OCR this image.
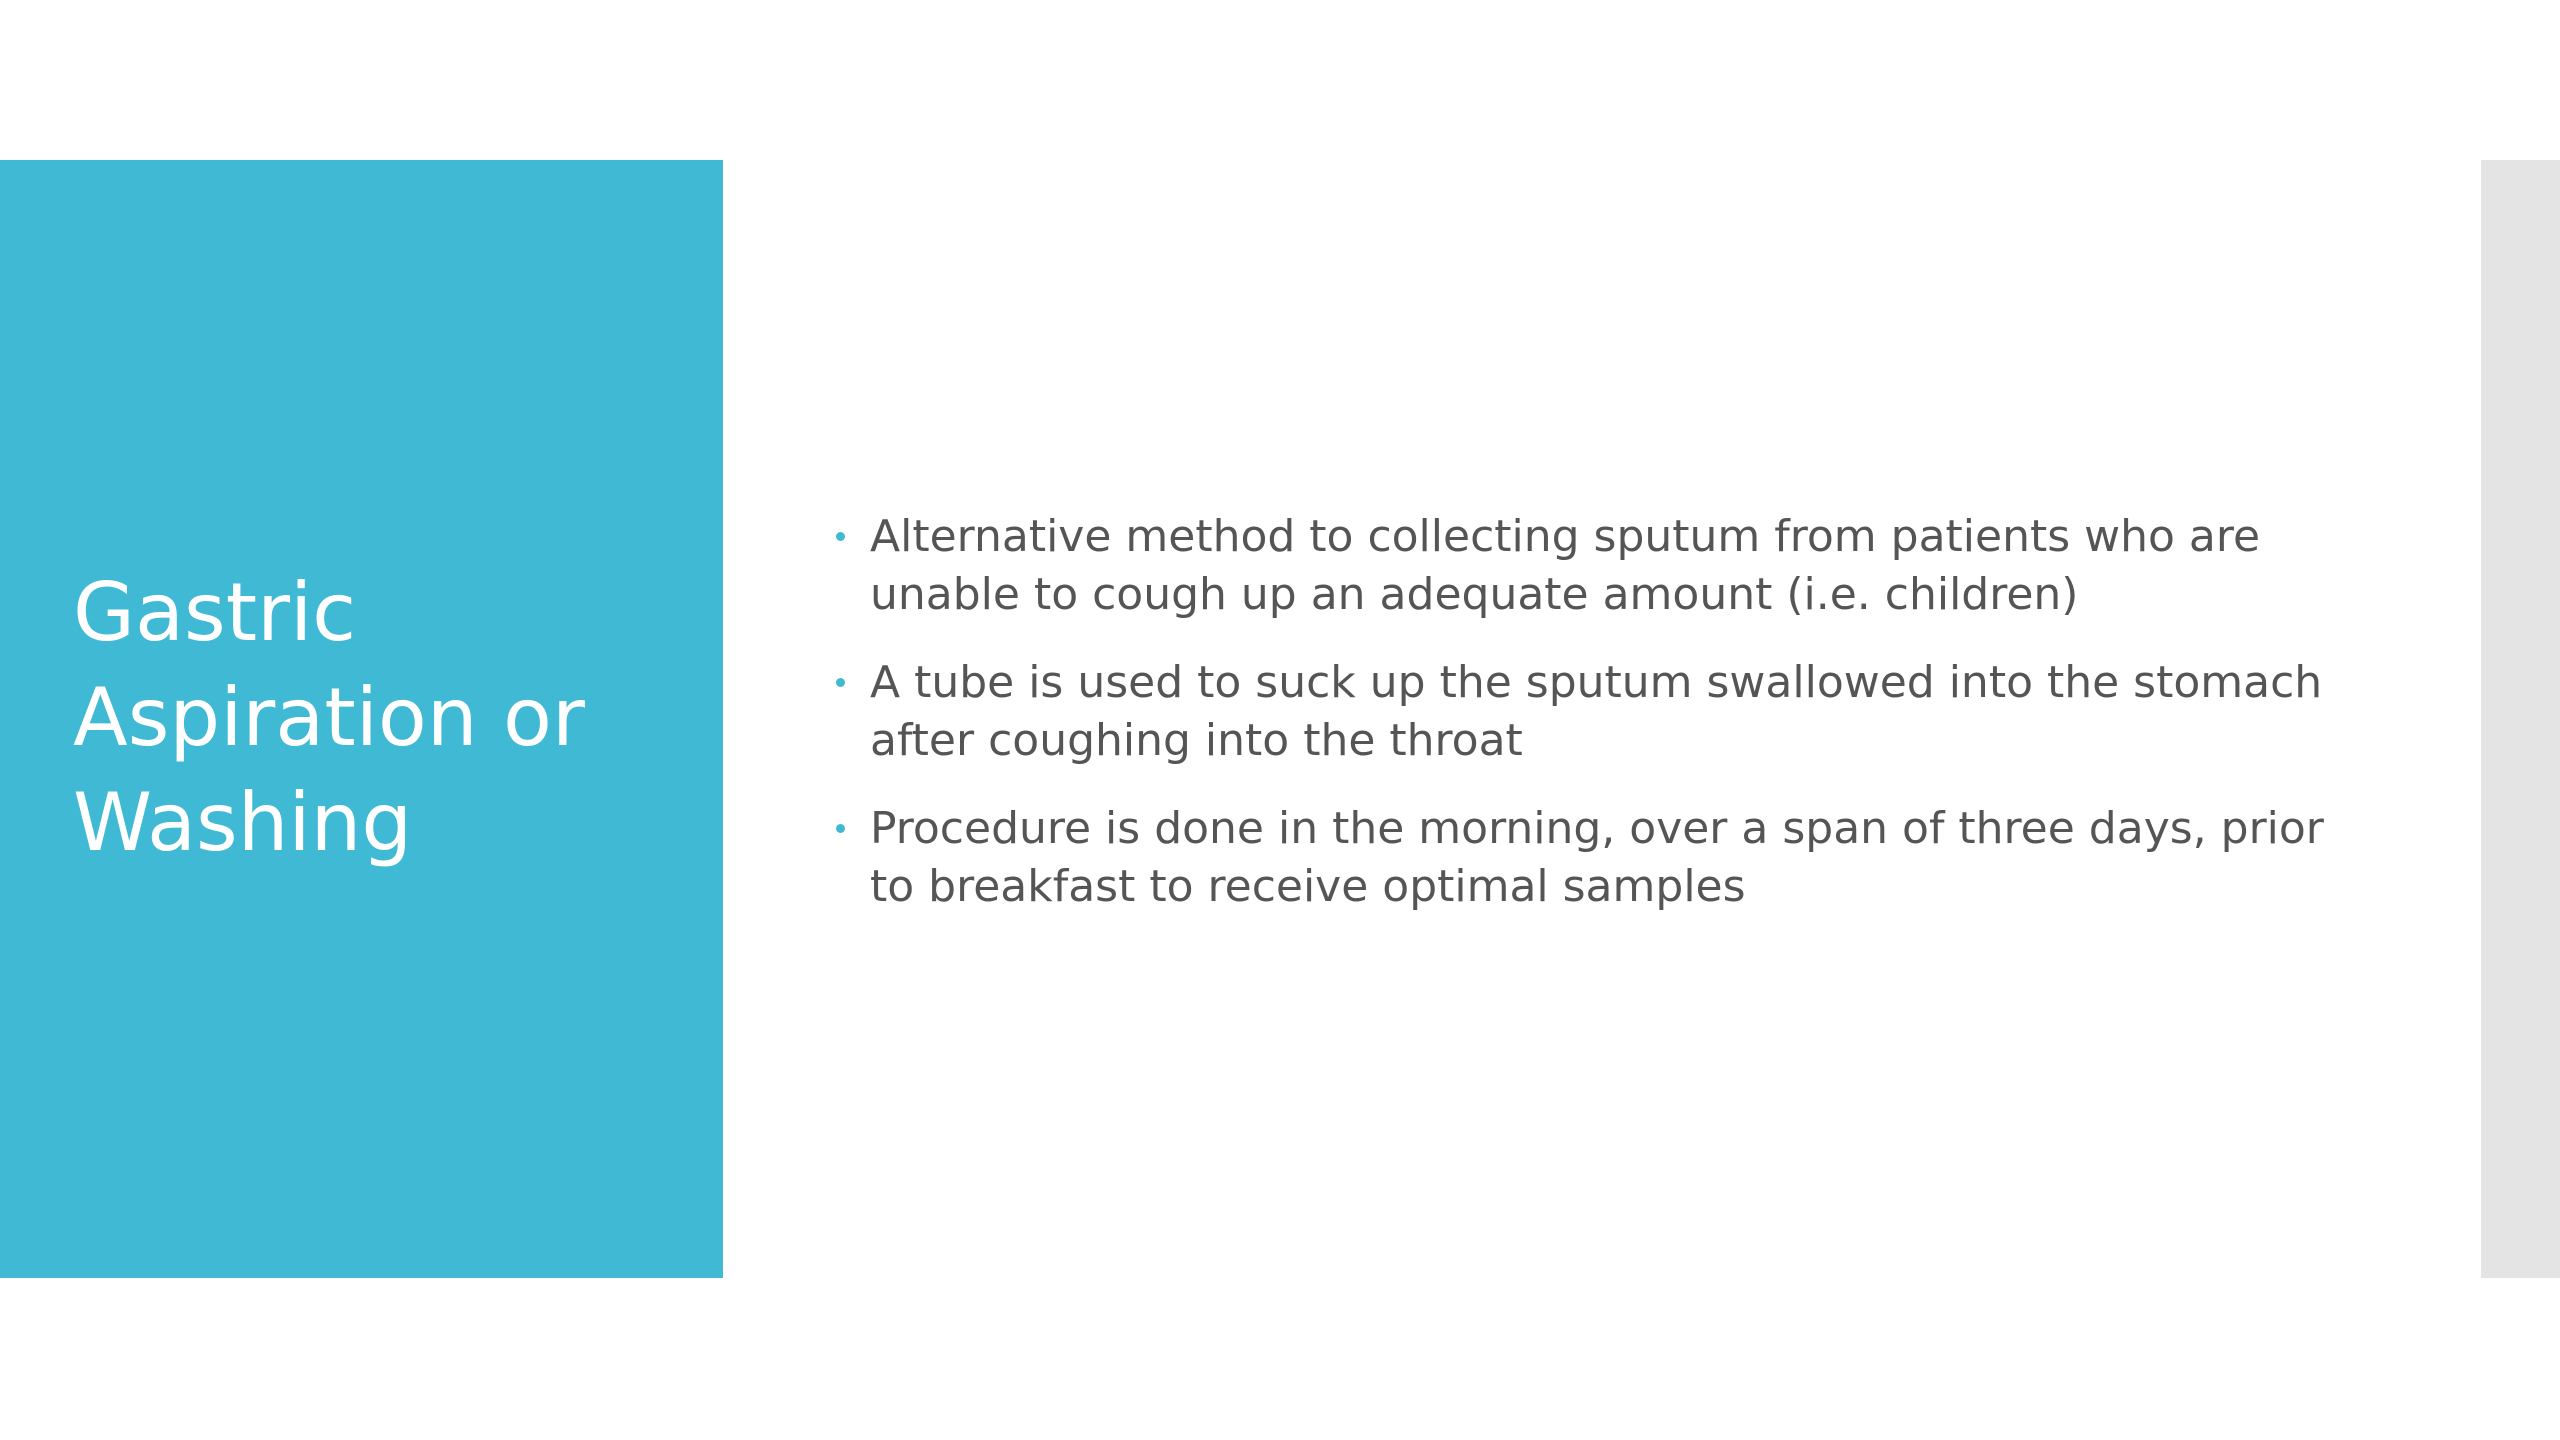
Gastric Aspiration or Washing
Alternative method to collecting sputum from patients who are unable to cough up an adequate amount (i.e. children)
A tube is used to suck up the sputum swallowed into the stomach after coughing into the throat
Procedure is done in the morning, over a span of three days, prior to breakfast to receive optimal samples
